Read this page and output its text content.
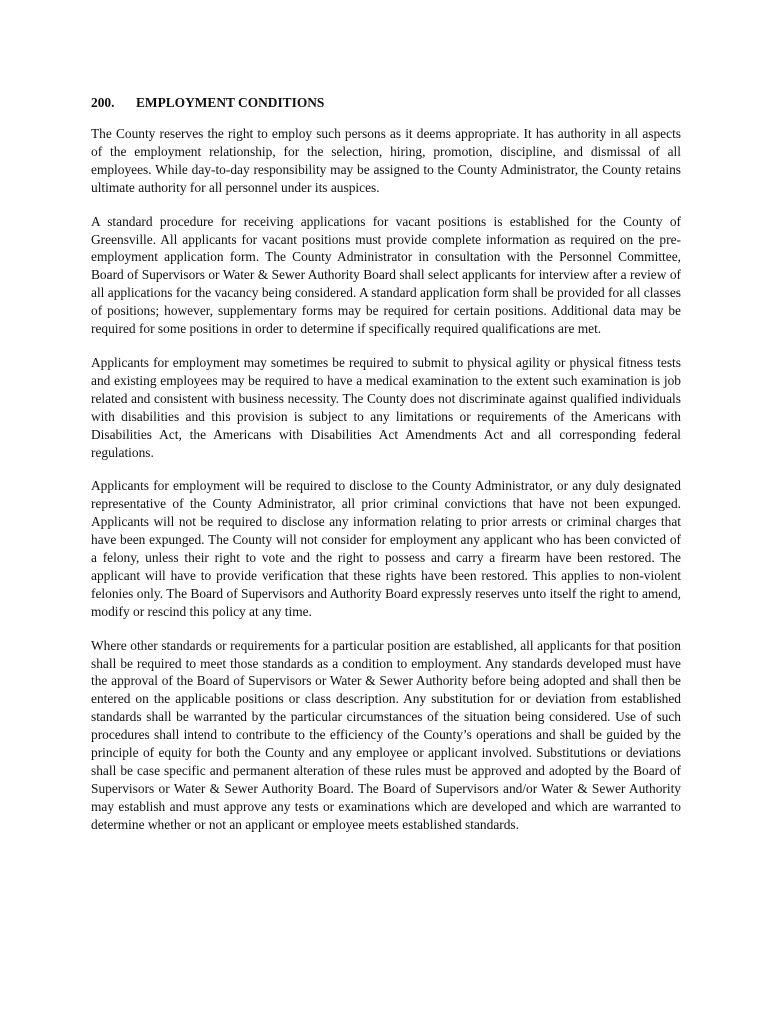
200. EMPLOYMENT CONDITIONS

The County reserves the right to employ such persons as it deems appropriate. It has authority in all aspects of the employment relationship, for the selection, hiring, promotion, discipline, and dismissal of all employees. While day-to-day responsibility may be assigned to the County Administrator, the County retains ultimate authority for all personnel under its auspices.

A standard procedure for receiving applications for vacant positions is established for the County of Greensville. All applicants for vacant positions must provide complete information as required on the pre-employment application form. The County Administrator in consultation with the Personnel Committee, Board of Supervisors or Water & Sewer Authority Board shall select applicants for interview after a review of all applications for the vacancy being considered. A standard application form shall be provided for all classes of positions; however, supplementary forms may be required for certain positions. Additional data may be required for some positions in order to determine if specifically required qualifications are met.

Applicants for employment may sometimes be required to submit to physical agility or physical fitness tests and existing employees may be required to have a medical examination to the extent such examination is job related and consistent with business necessity. The County does not discriminate against qualified individuals with disabilities and this provision is subject to any limitations or requirements of the Americans with Disabilities Act, the Americans with Disabilities Act Amendments Act and all corresponding federal regulations.

Applicants for employment will be required to disclose to the County Administrator, or any duly designated representative of the County Administrator, all prior criminal convictions that have not been expunged. Applicants will not be required to disclose any information relating to prior arrests or criminal charges that have been expunged. The County will not consider for employment any applicant who has been convicted of a felony, unless their right to vote and the right to possess and carry a firearm have been restored. The applicant will have to provide verification that these rights have been restored. This applies to non-violent felonies only. The Board of Supervisors and Authority Board expressly reserves unto itself the right to amend, modify or rescind this policy at any time.

Where other standards or requirements for a particular position are established, all applicants for that position shall be required to meet those standards as a condition to employment. Any standards developed must have the approval of the Board of Supervisors or Water & Sewer Authority before being adopted and shall then be entered on the applicable positions or class description. Any substitution for or deviation from established standards shall be warranted by the particular circumstances of the situation being considered. Use of such procedures shall intend to contribute to the efficiency of the County’s operations and shall be guided by the principle of equity for both the County and any employee or applicant involved. Substitutions or deviations shall be case specific and permanent alteration of these rules must be approved and adopted by the Board of Supervisors or Water & Sewer Authority Board. The Board of Supervisors and/or Water & Sewer Authority may establish and must approve any tests or examinations which are developed and which are warranted to determine whether or not an applicant or employee meets established standards.
